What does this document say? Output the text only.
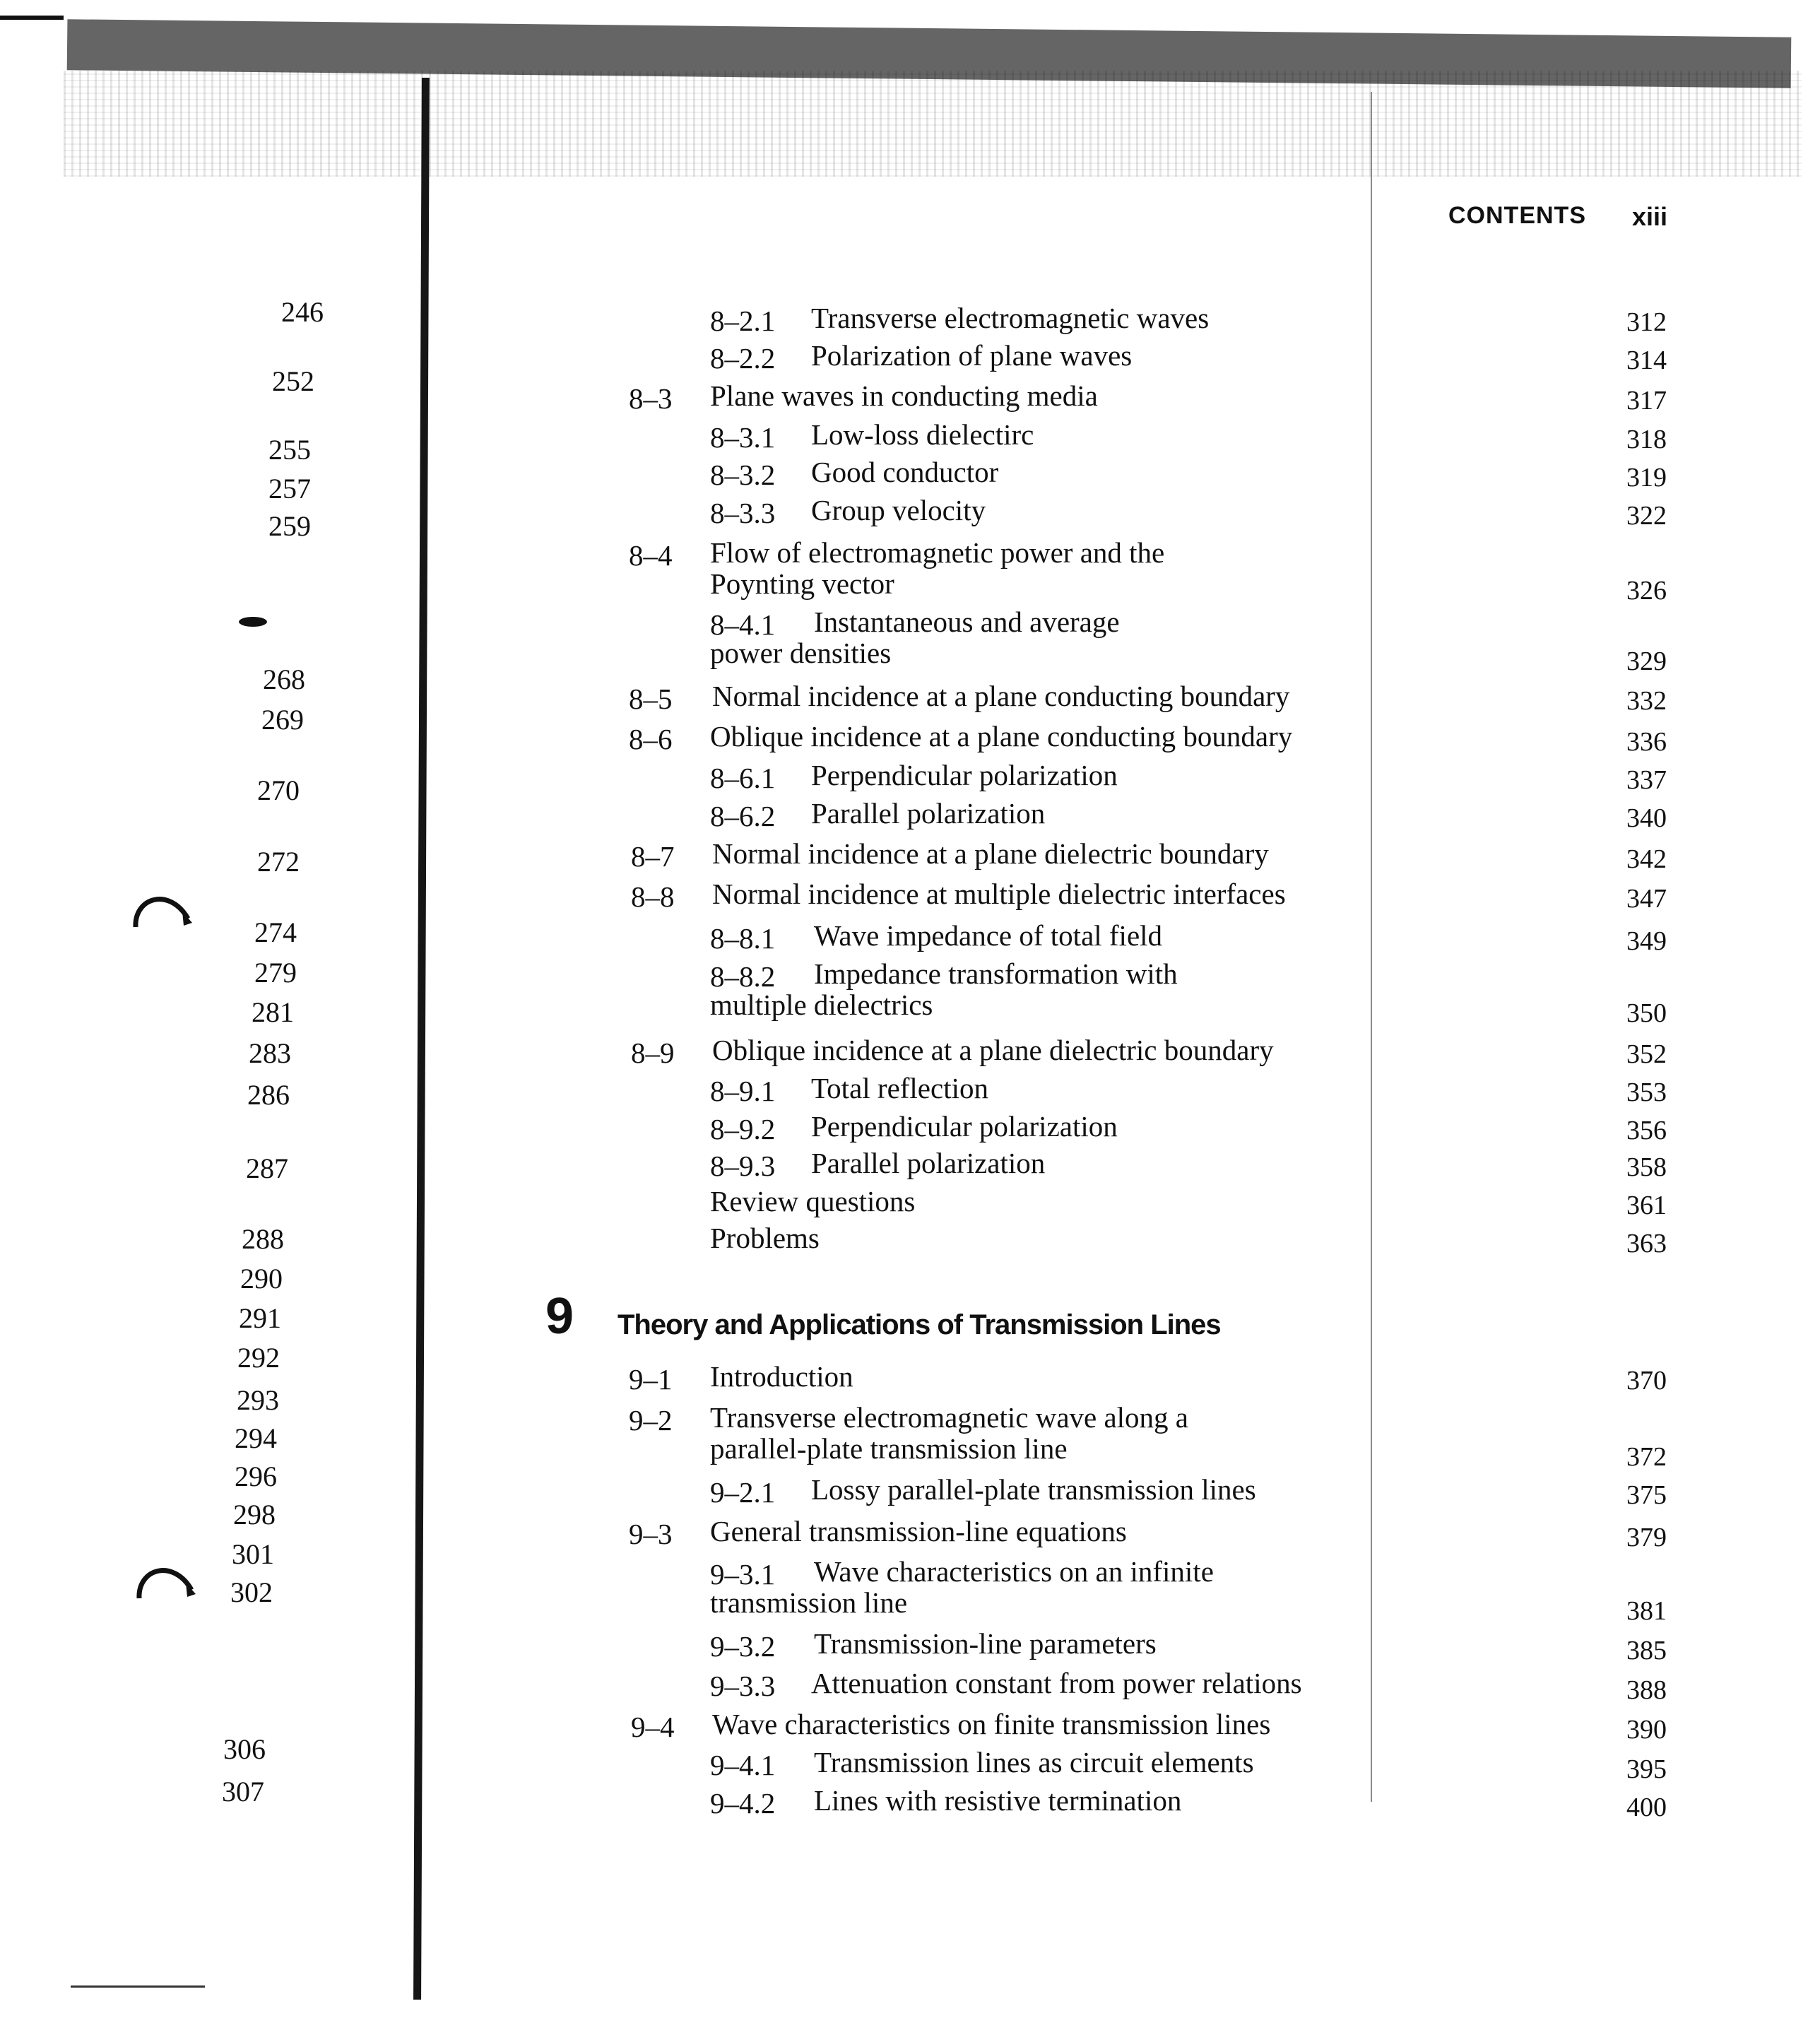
CONTENTS xiii
246
252
255
257
259
268
269
270
272
274
279
281
283
286
287
288
290
291
292
293
294
296
298
301
302
306
307
9 Theory and Applications of Transmission Lines
8–2.1 Transverse electromagnetic waves	312
8–2.2 Polarization of plane waves	314
8–3 Plane waves in conducting media	317
8–3.1 Low-loss dielectirc	318
8–3.2 Good conductor	319
8–3.3 Group velocity	322
8–4 Flow of electromagnetic power and the
Poynting vector	326
8–4.1 Instantaneous and average
power densities	329
8–5 Normal incidence at a plane conducting boundary	332
8–6 Oblique incidence at a plane conducting boundary	336
8–6.1 Perpendicular polarization	337
8–6.2 Parallel polarization	340
8–7 Normal incidence at a plane dielectric boundary	342
8–8 Normal incidence at multiple dielectric interfaces	347
8–8.1 Wave impedance of total field	349
8–8.2 Impedance transformation with
multiple dielectrics	350
8–9 Oblique incidence at a plane dielectric boundary	352
8–9.1 Total reflection	353
8–9.2 Perpendicular polarization	356
8–9.3 Parallel polarization	358
Review questions	361
Problems	363
9–1 Introduction	370
9–2 Transverse electromagnetic wave along a
parallel-plate transmission line	372
9–2.1 Lossy parallel-plate transmission lines	375
9–3 General transmission-line equations	379
9–3.1 Wave characteristics on an infinite
transmission line	381
9–3.2 Transmission-line parameters	385
9–3.3 Attenuation constant from power relations	388
9–4 Wave characteristics on finite transmission lines	390
9–4.1 Transmission lines as circuit elements	395
9–4.2 Lines with resistive termination	400
